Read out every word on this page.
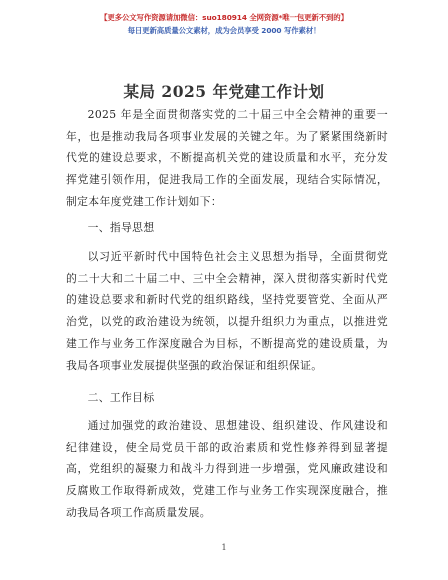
【更多公文写作资源请加微信：suo180914 全网资源*唯一包更新不到的】
每日更新高质量公文素材，成为会员享受 2000 写作素材！
某局 2025 年党建工作计划

2025 年是全面贯彻落实党的二十届三中全会精神的重要一年，也是推动我局各项事业发展的关键之年。为了紧紧围绕新时代党的建设总要求，不断提高机关党的建设质量和水平，充分发挥党建引领作用，促进我局工作的全面发展，现结合实际情况，制定本年度党建工作计划如下：

一、指导思想

以习近平新时代中国特色社会主义思想为指导，全面贯彻党的二十大和二十届二中、三中全会精神，深入贯彻落实新时代党的建设总要求和新时代党的组织路线，坚持党要管党、全面从严治党，以党的政治建设为统领，以提升组织力为重点，以推进党建工作与业务工作深度融合为目标，不断提高党的建设质量，为我局各项事业发展提供坚强的政治保证和组织保证。

二、工作目标

通过加强党的政治建设、思想建设、组织建设、作风建设和纪律建设，使全局党员干部的政治素质和党性修养得到显著提高，党组织的凝聚力和战斗力得到进一步增强，党风廉政建设和反腐败工作取得新成效，党建工作与业务工作实现深度融合，推动我局各项工作高质量发展。

1
